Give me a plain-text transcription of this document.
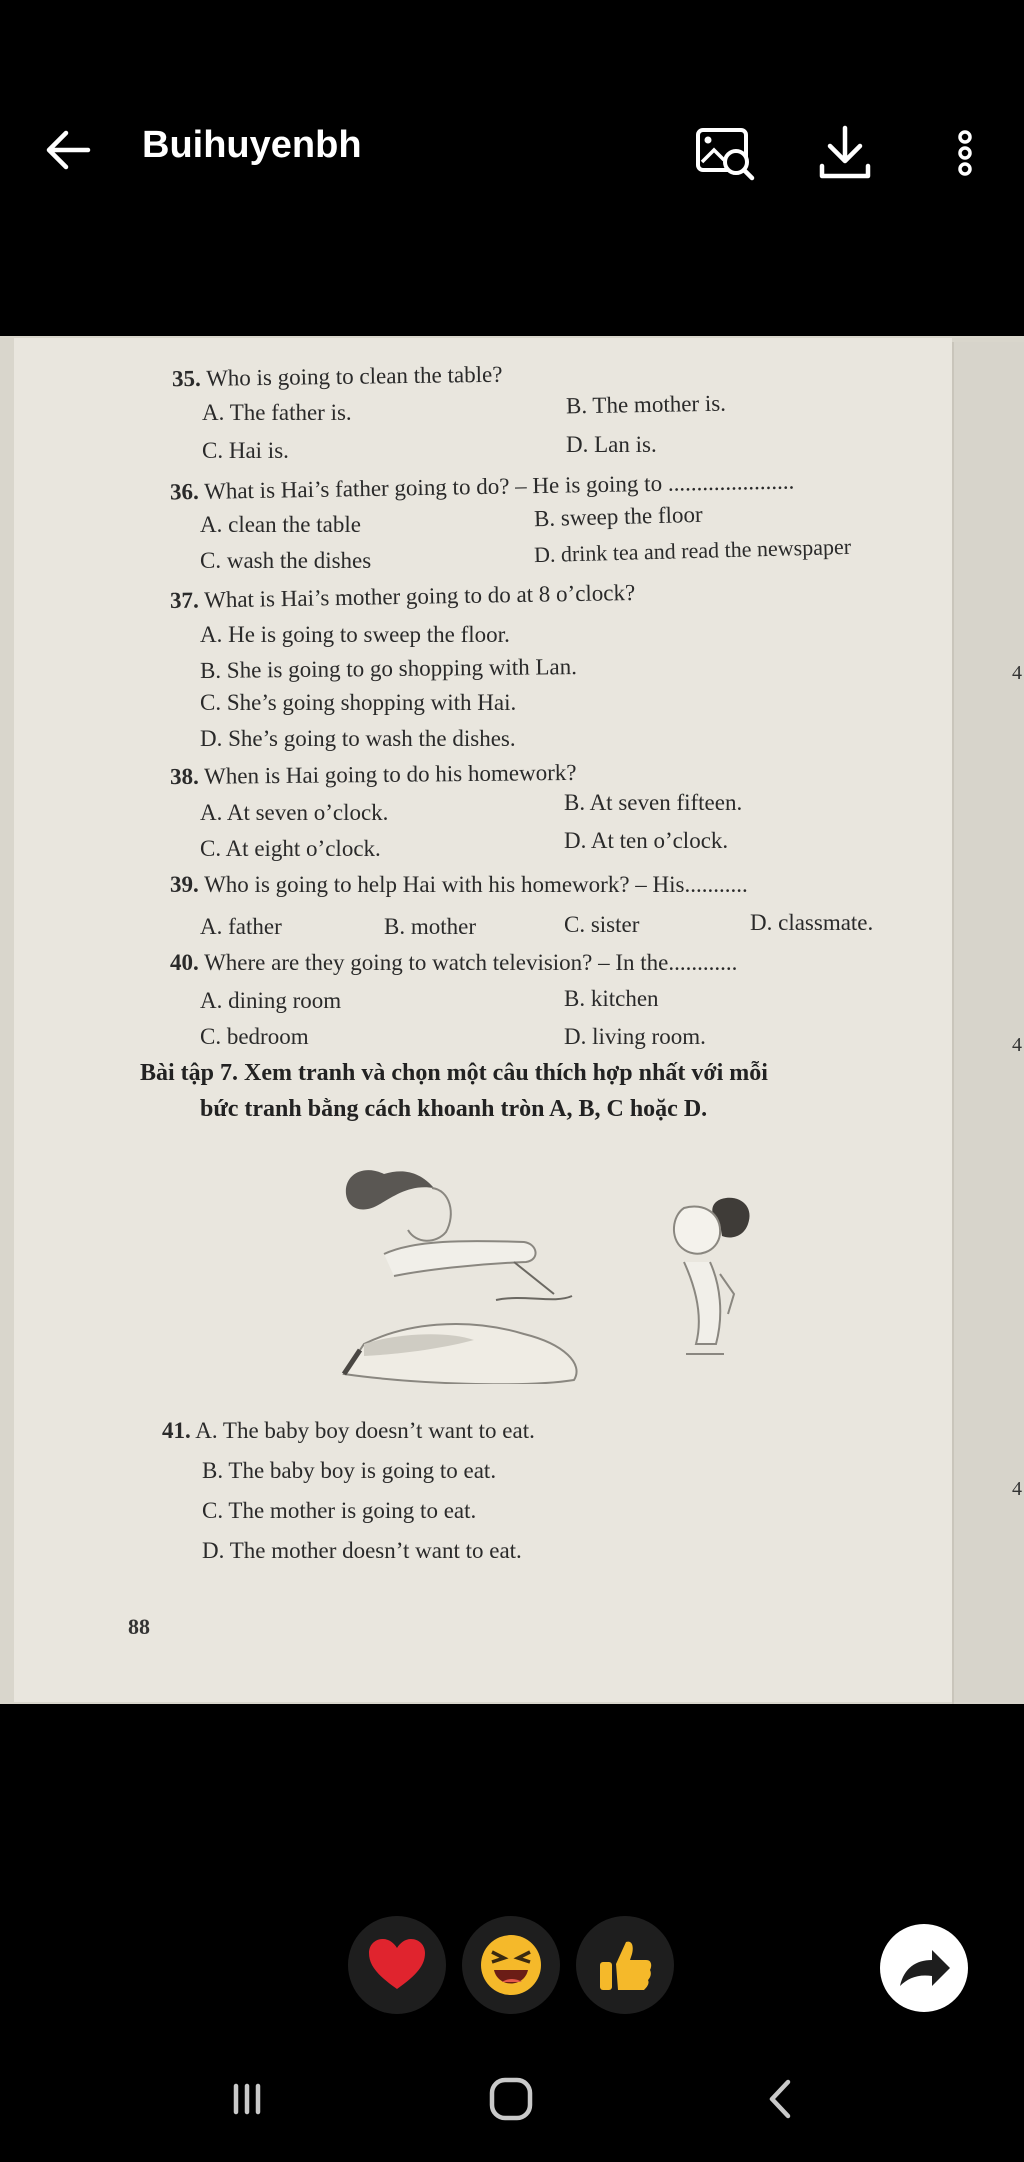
Buihuyenbh
35. Who is going to clean the table?
A. The father is.	B. The mother is.
C. Hai is.	D. Lan is.
36. What is Hai’s father going to do? – He is going to ......................
A. clean the table	B. sweep the floor
C. wash the dishes	D. drink tea and read the newspaper
37. What is Hai’s mother going to do at 8 o’clock?
A. He is going to sweep the floor.
B. She is going to go shopping with Lan.
C. She’s going shopping with Hai.
D. She’s going to wash the dishes.
38. When is Hai going to do his homework?
A. At seven o’clock.	B. At seven fifteen.
C. At eight o’clock.	D. At ten o’clock.
39. Who is going to help Hai with his homework? – His...........
A. father	B. mother	C. sister	D. classmate.
40. Where are they going to watch television? – In the............
A. dining room	B. kitchen
C. bedroom	D. living room.
Bài tập 7. Xem tranh và chọn một câu thích hợp nhất với mỗi
bức tranh bằng cách khoanh tròn A, B, C hoặc D.
41. A. The baby boy doesn’t want to eat.
B. The baby boy is going to eat.
C. The mother is going to eat.
D. The mother doesn’t want to eat.
88
4
4
4
